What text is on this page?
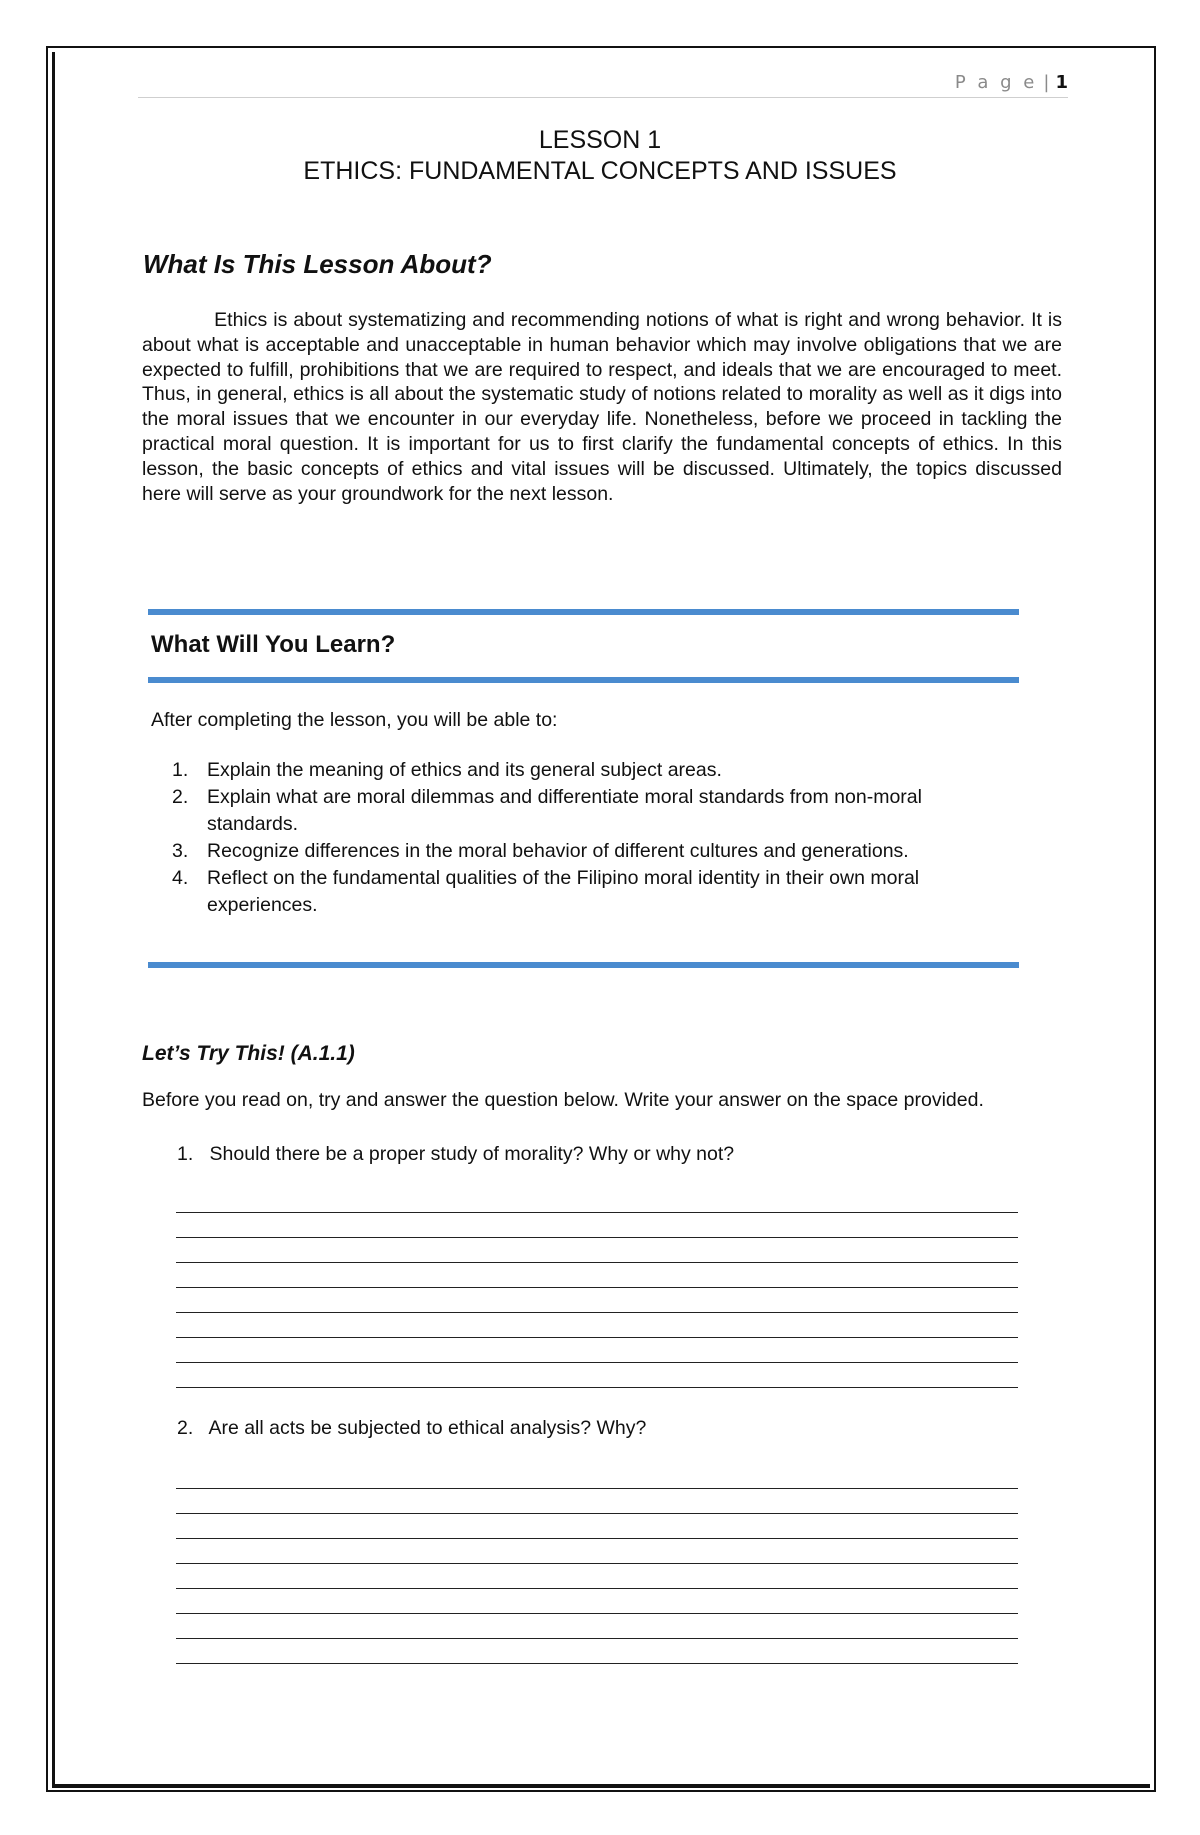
P a g e | 1
LESSON 1
ETHICS: FUNDAMENTAL CONCEPTS AND ISSUES
What Is This Lesson About?
Ethics is about systematizing and recommending notions of what is right and wrong behavior. It is about what is acceptable and unacceptable in human behavior which may involve obligations that we are expected to fulfill, prohibitions that we are required to respect, and ideals that we are encouraged to meet. Thus, in general, ethics is all about the systematic study of notions related to morality as well as it digs into the moral issues that we encounter in our everyday life. Nonetheless, before we proceed in tackling the practical moral question. It is important for us to first clarify the fundamental concepts of ethics. In this lesson, the basic concepts of ethics and vital issues will be discussed. Ultimately, the topics discussed here will serve as your groundwork for the next lesson.
What Will You Learn?
After completing the lesson, you will be able to:
1. Explain the meaning of ethics and its general subject areas.
2. Explain what are moral dilemmas and differentiate moral standards from non-moral
standards.
3. Recognize differences in the moral behavior of different cultures and generations.
4. Reflect on the fundamental qualities of the Filipino moral identity in their own moral
experiences.
Let’s Try This! (A.1.1)
Before you read on, try and answer the question below. Write your answer on the space provided.
1. Should there be a proper study of morality? Why or why not?
2. Are all acts be subjected to ethical analysis? Why?
